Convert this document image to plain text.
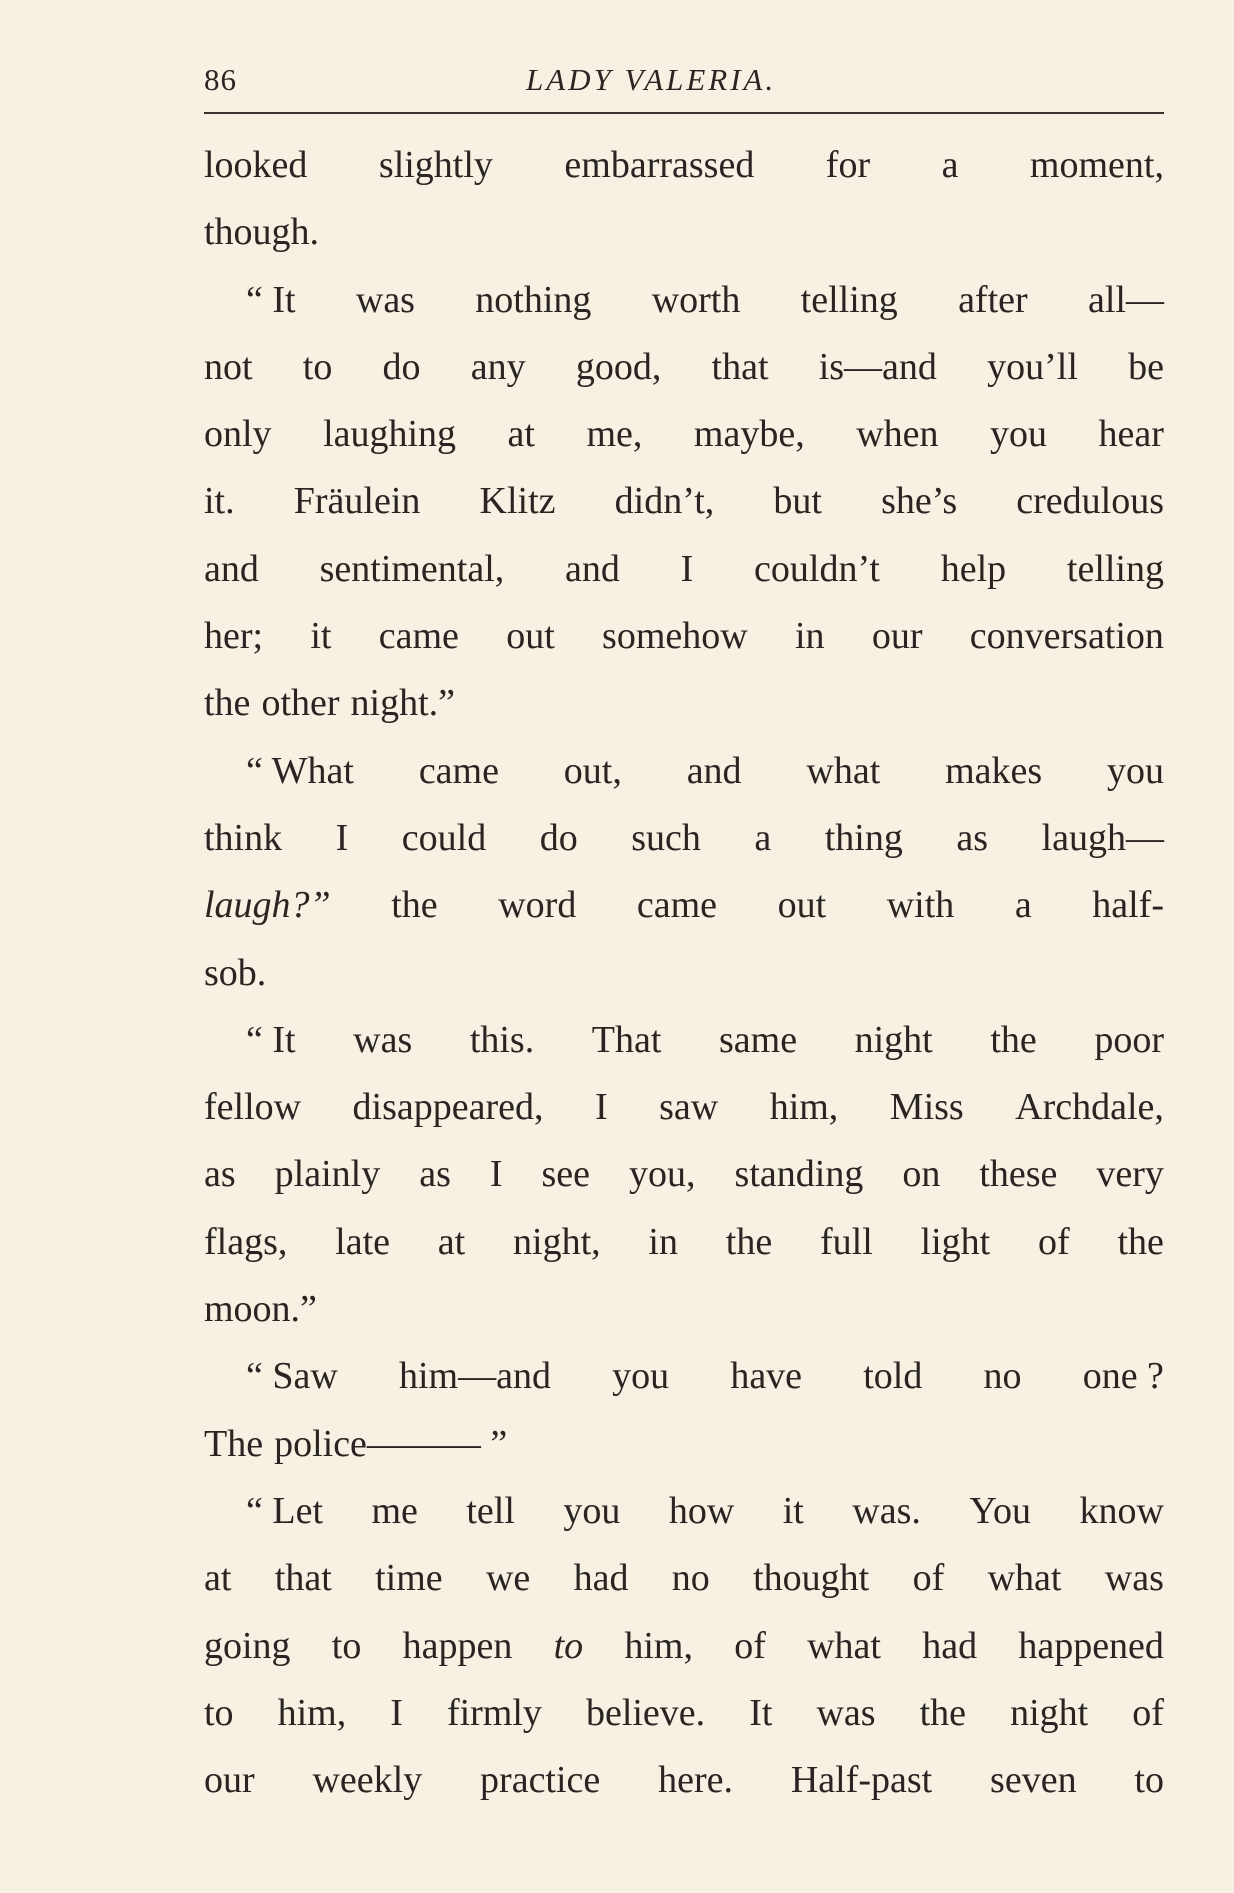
86	LADY VALERIA.
looked slightly embarrassed for a moment,
though.
“ It was nothing worth telling after all—
not to do any good, that is—and you’ll be
only laughing at me, maybe, when you hear
it. Fräulein Klitz didn’t, but she’s credulous
and sentimental, and I couldn’t help telling
her; it came out somehow in our conversation
the other night.”
“ What came out, and what makes you
think I could do such a thing as laugh—
laugh?” the word came out with a half-
sob.
“ It was this. That same night the poor
fellow disappeared, I saw him, Miss Archdale,
as plainly as I see you, standing on these very
flags, late at night, in the full light of the
moon.”
“ Saw him—and you have told no one ?
The police——— ”
“ Let me tell you how it was. You know
at that time we had no thought of what was
going to happen to him, of what had happened
to him, I firmly believe. It was the night of
our weekly practice here. Half-past seven to
